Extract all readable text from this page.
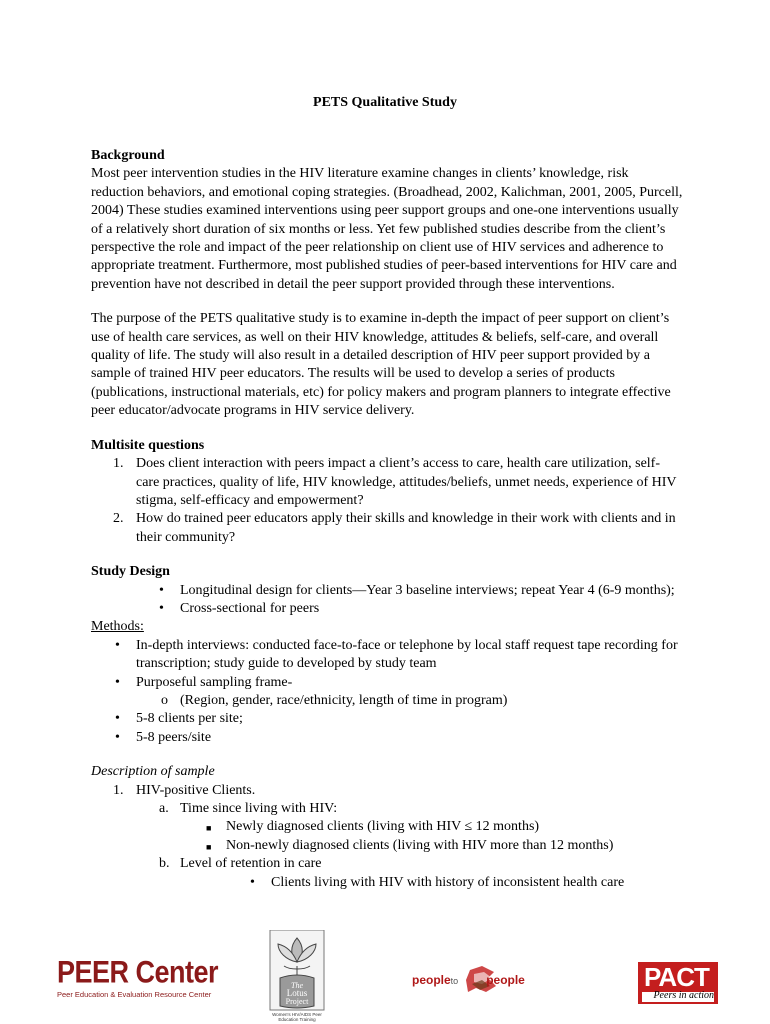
PETS Qualitative Study
Background

Most peer intervention studies in the HIV literature examine changes in clients’ knowledge, risk reduction behaviors, and emotional coping strategies. (Broadhead, 2002, Kalichman, 2001, 2005, Purcell, 2004) These studies examined interventions using peer support groups and one-one interventions usually of a relatively short duration of six months or less. Yet few published studies describe from the client’s perspective the role and impact of the peer relationship on client use of HIV services and adherence to appropriate treatment. Furthermore, most published studies of peer-based interventions for HIV care and prevention have not described in detail the peer support provided through these interventions.

The purpose of the PETS qualitative study is to examine in-depth the impact of peer support on client’s use of health care services, as well on their HIV knowledge, attitudes & beliefs, self-care, and overall quality of life. The study will also result in a detailed description of HIV peer support provided by a sample of trained HIV peer educators. The results will be used to develop a series of products (publications, instructional materials, etc) for policy makers and program planners to integrate effective peer educator/advocate programs in HIV service delivery.

Multisite questions
1. Does client interaction with peers impact a client’s access to care, health care utilization, self-care practices, quality of life, HIV knowledge, attitudes/beliefs, unmet needs, experience of HIV stigma, self-efficacy and empowerment?
2. How do trained peer educators apply their skills and knowledge in their work with clients and in their community?
Study Design
• Longitudinal design for clients—Year 3 baseline interviews; repeat Year 4 (6-9 months);
• Cross-sectional for peers
Methods:
• In-depth interviews: conducted face-to-face or telephone by local staff request tape recording for transcription; study guide to developed by study team
• Purposeful sampling frame-
o (Region, gender, race/ethnicity, length of time in program)
• 5-8 clients per site;
• 5-8 peers/site
Description of sample
1. HIV-positive Clients.
a. Time since living with HIV:
■ Newly diagnosed clients (living with HIV ≤ 12 months)
■ Non-newly diagnosed clients (living with HIV more than 12 months)
b. Level of retention in care
• Clients living with HIV with history of inconsistent health care
PEER Center
Peer Education & Evaluation Resource Center
The
Lotus
Project
Women's HIV/AIDS Peer Education Training
peopleto people	PACT
Peers in action
